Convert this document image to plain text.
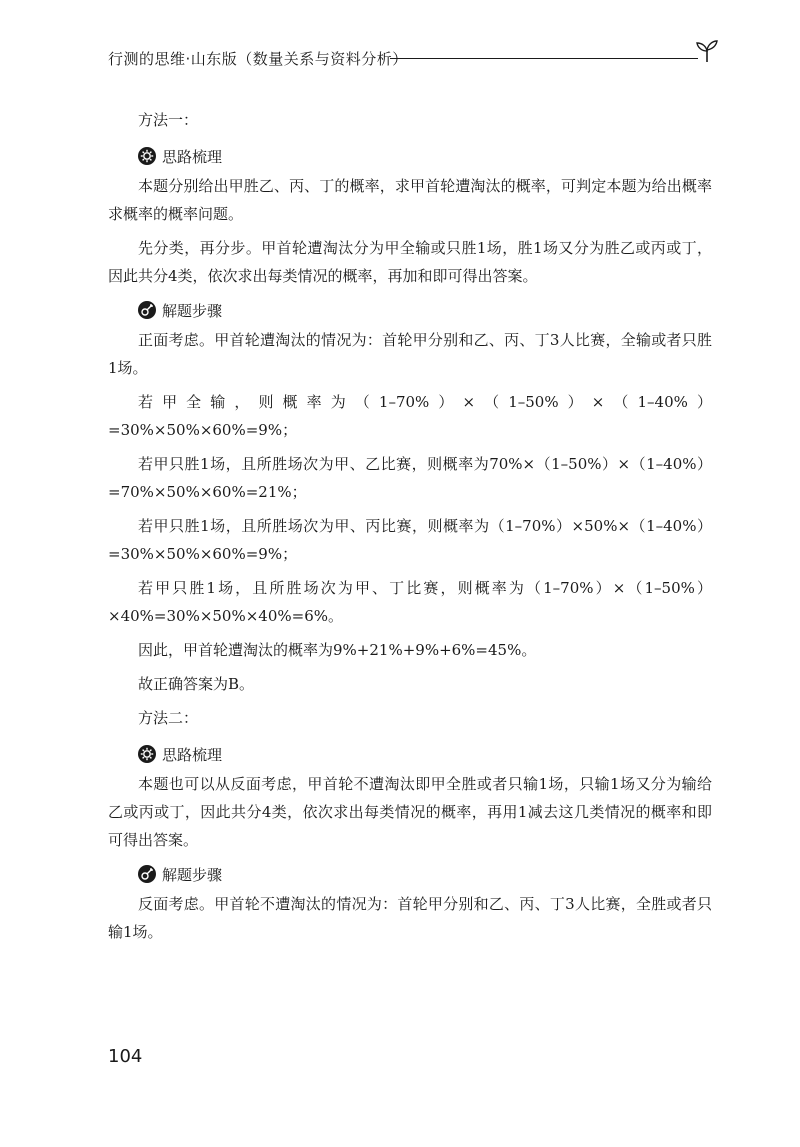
行测的思维·山东版（数量关系与资料分析）

方法一：

思路梳理

本题分别给出甲胜乙、丙、丁的概率，求甲首轮遭淘汰的概率，可判定本题为给出概率求概率的概率问题。

先分类，再分步。甲首轮遭淘汰分为甲全输或只胜1场，胜1场又分为胜乙或丙或丁，因此共分4类，依次求出每类情况的概率，再加和即可得出答案。

解题步骤

正面考虑。甲首轮遭淘汰的情况为：首轮甲分别和乙、丙、丁3人比赛，全输或者只胜1场。

若甲全输，则概率为（1–70%）×（1–50%）×（1–40%）=30%×50%×60%=9%；

若甲只胜1场，且所胜场次为甲、乙比赛，则概率为70%×（1–50%）×（1–40%）=70%×50%×60%=21%；

若甲只胜1场，且所胜场次为甲、丙比赛，则概率为（1–70%）×50%×（1–40%）=30%×50%×60%=9%；

若甲只胜1场，且所胜场次为甲、丁比赛，则概率为（1–70%）×（1–50%）×40%=30%×50%×40%=6%。

因此，甲首轮遭淘汰的概率为9%+21%+9%+6%=45%。

故正确答案为B。

方法二：

思路梳理

本题也可以从反面考虑，甲首轮不遭淘汰即甲全胜或者只输1场，只输1场又分为输给乙或丙或丁，因此共分4类，依次求出每类情况的概率，再用1减去这几类情况的概率和即可得出答案。

解题步骤

反面考虑。甲首轮不遭淘汰的情况为：首轮甲分别和乙、丙、丁3人比赛，全胜或者只输1场。

104
